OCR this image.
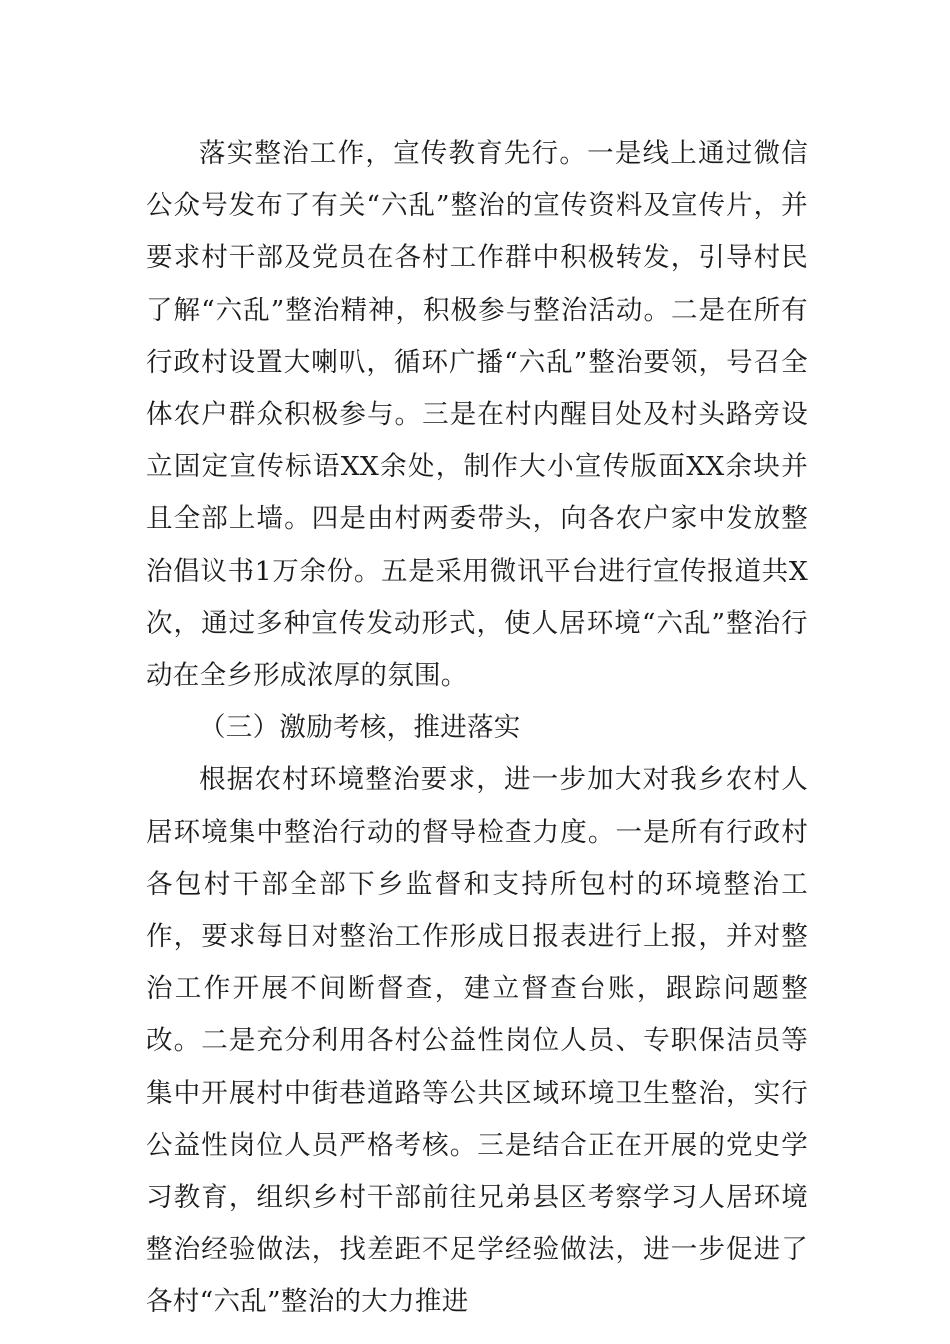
落实整治工作，宣传教育先行。一是线上通过微信公众号发布了有关“六乱”整治的宣传资料及宣传片，并要求村干部及党员在各村工作群中积极转发，引导村民了解“六乱”整治精神，积极参与整治活动。二是在所有行政村设置大喇叭，循环广播“六乱”整治要领，号召全体农户群众积极参与。三是在村内醒目处及村头路旁设立固定宣传标语XX余处，制作大小宣传版面XX余块并且全部上墙。四是由村两委带头，向各农户家中发放整治倡议书1万余份。五是采用微讯平台进行宣传报道共X次，通过多种宣传发动形式，使人居环境“六乱”整治行动在全乡形成浓厚的氛围。

（三）激励考核，推进落实

根据农村环境整治要求，进一步加大对我乡农村人居环境集中整治行动的督导检查力度。一是所有行政村各包村干部全部下乡监督和支持所包村的环境整治工作，要求每日对整治工作形成日报表进行上报，并对整治工作开展不间断督查，建立督查台账，跟踪问题整改。二是充分利用各村公益性岗位人员、专职保洁员等集中开展村中街巷道路等公共区域环境卫生整治，实行公益性岗位人员严格考核。三是结合正在开展的党史学习教育，组织乡村干部前往兄弟县区考察学习人居环境整治经验做法，找差距不足学经验做法，进一步促进了各村“六乱”整治的大力推进
